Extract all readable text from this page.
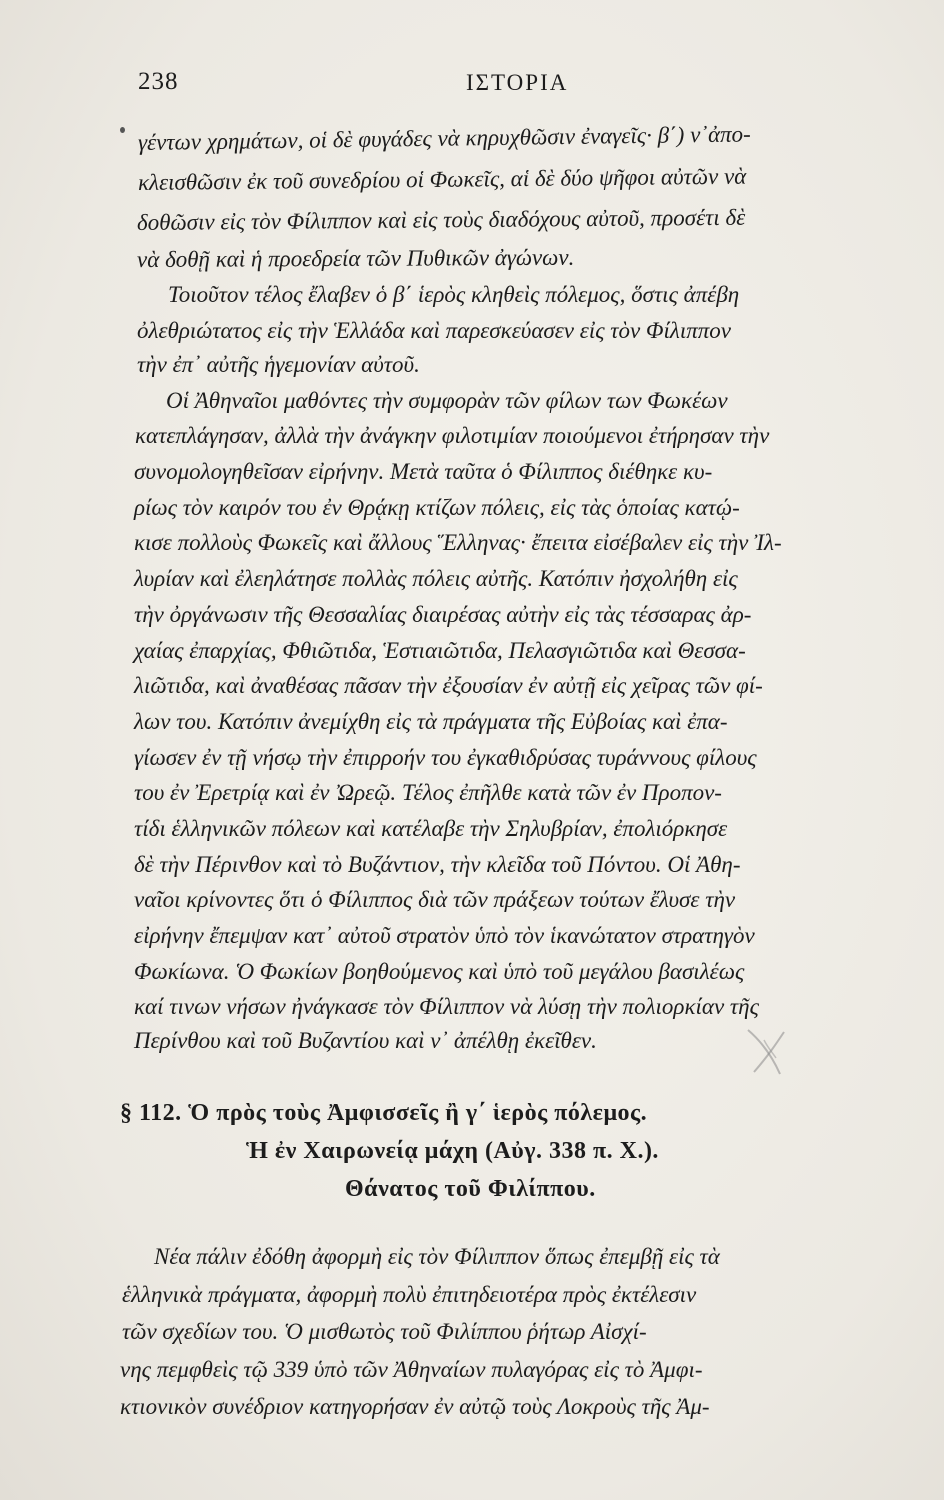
238	ΙΣΤΟΡΙΑ
γέντων χρημάτων, οἱ δὲ φυγάδες νὰ κηρυχθῶσιν ἐναγεῖς· β΄) ν᾿ἀπο-
κλεισθῶσιν ἐκ τοῦ συνεδρίου οἱ Φωκεῖς, αἱ δὲ δύο ψῆφοι αὐτῶν νὰ
δοθῶσιν εἰς τὸν Φίλιππον καὶ εἰς τοὺς διαδόχους αὐτοῦ, προσέτι δὲ
νὰ δοθῇ καὶ ἡ προεδρεία τῶν Πυθικῶν ἀγώνων.
Τοιοῦτον τέλος ἔλαβεν ὁ β΄ ἱερὸς κληθεὶς πόλεμος, ὅστις ἀπέβη
ὀλεθριώτατος εἰς τὴν Ἑλλάδα καὶ παρεσκεύασεν εἰς τὸν Φίλιππον
τὴν ἐπ᾿ αὐτῆς ἡγεμονίαν αὐτοῦ.
Οἱ Ἀθηναῖοι μαθόντες τὴν συμφορὰν τῶν φίλων των Φωκέων
κατεπλάγησαν, ἀλλὰ τὴν ἀνάγκην φιλοτιμίαν ποιούμενοι ἐτήρησαν τὴν
συνομολογηθεῖσαν εἰρήνην. Μετὰ ταῦτα ὁ Φίλιππος διέθηκε κυ-
ρίως τὸν καιρόν του ἐν Θρᾴκῃ κτίζων πόλεις, εἰς τὰς ὁποίας κατῴ-
κισε πολλοὺς Φωκεῖς καὶ ἄλλους Ἕλληνας· ἔπειτα εἰσέβαλεν εἰς τὴν Ἰλ-
λυρίαν καὶ ἐλεηλάτησε πολλὰς πόλεις αὐτῆς. Κατόπιν ἠσχολήθη εἰς
τὴν ὀργάνωσιν τῆς Θεσσαλίας διαιρέσας αὐτὴν εἰς τὰς τέσσαρας ἀρ-
χαίας ἐπαρχίας, Φθιῶτιδα, Ἑστιαιῶτιδα, Πελασγιῶτιδα καὶ Θεσσα-
λιῶτιδα, καὶ ἀναθέσας πᾶσαν τὴν ἐξουσίαν ἐν αὐτῇ εἰς χεῖρας τῶν φί-
λων του. Κατόπιν ἀνεμίχθη εἰς τὰ πράγματα τῆς Εὐβοίας καὶ ἐπα-
γίωσεν ἐν τῇ νήσῳ τὴν ἐπιρροήν του ἐγκαθιδρύσας τυράννους φίλους
του ἐν Ἐρετρίᾳ καὶ ἐν Ὠρεῷ. Τέλος ἐπῆλθε κατὰ τῶν ἐν Προπον-
τίδι ἑλληνικῶν πόλεων καὶ κατέλαβε τὴν Σηλυβρίαν, ἐπολιόρκησε
δὲ τὴν Πέρινθον καὶ τὸ Βυζάντιον, τὴν κλεῖδα τοῦ Πόντου. Οἱ Ἀθη-
ναῖοι κρίνοντες ὅτι ὁ Φίλιππος διὰ τῶν πράξεων τούτων ἔλυσε τὴν
εἰρήνην ἔπεμψαν κατ᾿ αὐτοῦ στρατὸν ὑπὸ τὸν ἱκανώτατον στρατηγὸν
Φωκίωνα. Ὁ Φωκίων βοηθούμενος καὶ ὑπὸ τοῦ μεγάλου βασιλέως
καί τινων νήσων ἠνάγκασε τὸν Φίλιππον νὰ λύσῃ τὴν πολιορκίαν τῆς
Περίνθου καὶ τοῦ Βυζαντίου καὶ ν᾿ ἀπέλθῃ ἐκεῖθεν.
§ 112. Ὁ πρὸς τοὺς Ἀμφισσεῖς ἢ γ΄ ἱερὸς πόλεμος.
Ἡ ἐν Χαιρωνείᾳ μάχη (Αὐγ. 338 π. Χ.).
Θάνατος τοῦ Φιλίππου.
Νέα πάλιν ἐδόθη ἀφορμὴ εἰς τὸν Φίλιππον ὅπως ἐπεμβῇ εἰς τὰ
ἑλληνικὰ πράγματα, ἀφορμὴ πολὺ ἐπιτηδειοτέρα πρὸς ἐκτέλεσιν
τῶν σχεδίων του. Ὁ μισθωτὸς τοῦ Φιλίππου ῥήτωρ Αἰσχί-
νης πεμφθεὶς τῷ 339 ὑπὸ τῶν Ἀθηναίων πυλαγόρας εἰς τὸ Ἀμφι-
κτιονικὸν συνέδριον κατηγορήσαν ἐν αὐτῷ τοὺς Λοκροὺς τῆς Ἀμ-
